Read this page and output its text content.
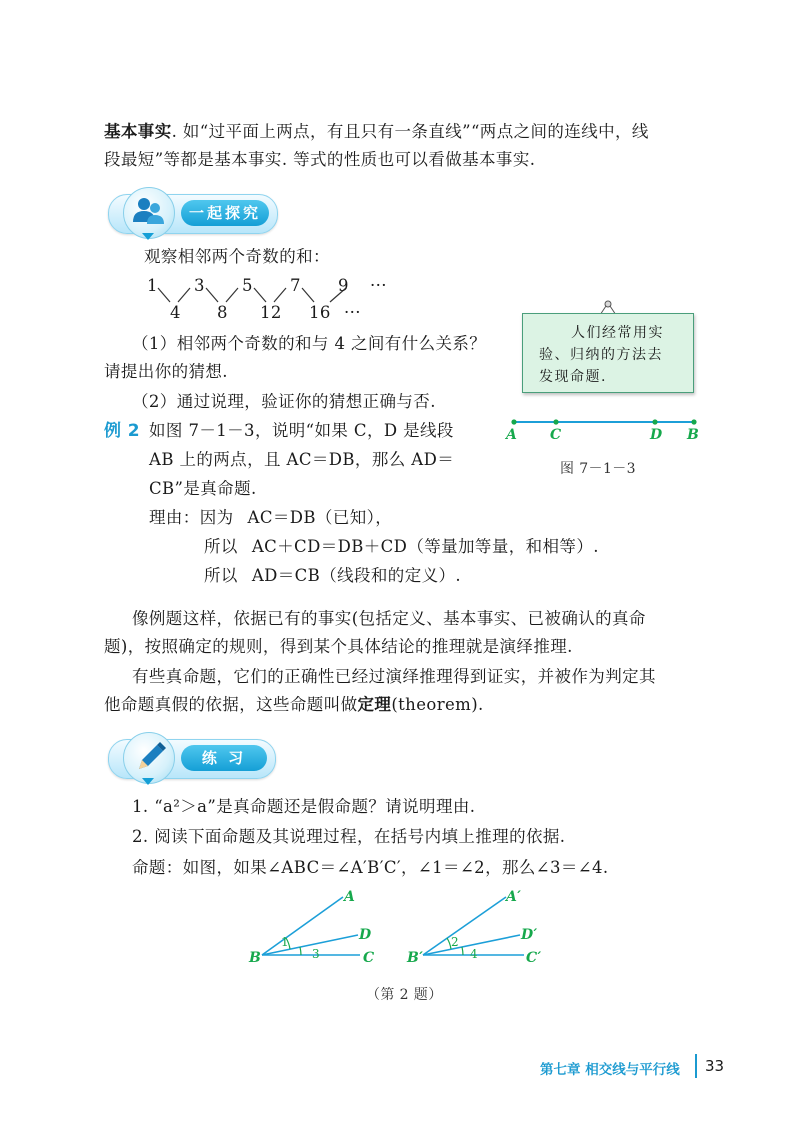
基本事实. 如“过平面上两点，有且只有一条直线”“两点之间的连线中，线
段最短”等都是基本事实. 等式的性质也可以看做基本事实.
一起探究
观察相邻两个奇数的和：
1 3 5 7 9 ···
4 8 12 16 ···
（1）相邻两个奇数的和与 4 之间有什么关系？
请提出你的猜想.
（2）通过说理，验证你的猜想正确与否.
人们经常用实
验、归纳的方法去
发现命题.
例 2 如图 7－1－3，说明“如果 C，D 是线段
AB 上的两点，且 AC＝DB，那么 AD＝
CB”是真命题.
理由：因为 AC＝DB（已知），
所以 AC＋CD＝DB＋CD（等量加等量，和相等）.
所以 AD＝CB（线段和的定义）.
A C	D B
图 7－1－3
像例题这样，依据已有的事实(包括定义、基本事实、已被确认的真命
题)，按照确定的规则，得到某个具体结论的推理就是演绎推理.
有些真命题，它们的正确性已经过演绎推理得到证实，并被作为判定其
他命题真假的依据，这些命题叫做定理(theorem).
练 习
1. “a²＞a”是真命题还是假命题？请说明理由.
2. 阅读下面命题及其说理过程，在括号内填上推理的依据.
命题：如图，如果∠ABC＝∠A′B′C′，∠1＝∠2，那么∠3＝∠4.
A
D
B	C
1
3
A′
D′
B′	C′
2
4
（第 2 题）
第七章 相交线与平行线 33
